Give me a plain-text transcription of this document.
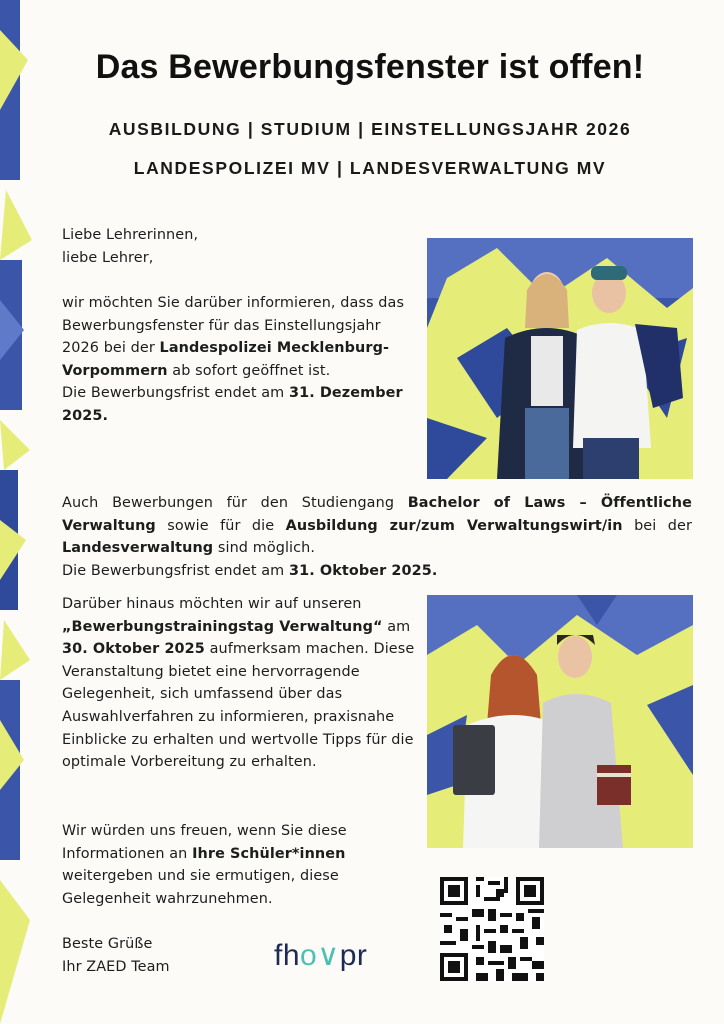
Das Bewerbungsfenster ist offen!

AUSBILDUNG | STUDIUM | EINSTELLUNGSJAHR 2026

LANDESPOLIZEI MV | LANDESVERWALTUNG MV

Liebe Lehrerinnen,
liebe Lehrer,

wir möchten Sie darüber informieren, dass das Bewerbungsfenster für das Einstellungsjahr 2026 bei der Landespolizei Mecklenburg-Vorpommern ab sofort geöffnet ist.
Die Bewerbungsfrist endet am 31. Dezember 2025.

Auch Bewerbungen für den Studiengang Bachelor of Laws – Öffentliche Verwaltung sowie für die Ausbildung zur/zum Verwaltungswirt/in bei der Landesverwaltung sind möglich.
Die Bewerbungsfrist endet am 31. Oktober 2025.

Darüber hinaus möchten wir auf unseren „Bewerbungstrainingstag Verwaltung“ am 30. Oktober 2025 aufmerksam machen. Diese Veranstaltung bietet eine hervorragende Gelegenheit, sich umfassend über das Auswahlverfahren zu informieren, praxisnahe Einblicke zu erhalten und wertvolle Tipps für die optimale Vorbereitung zu erhalten.

Wir würden uns freuen, wenn Sie diese Informationen an Ihre Schüler*innen weitergeben und sie ermutigen, diese Gelegenheit wahrzunehmen.

Beste Grüße
Ihr ZAED Team	fho∨pr
